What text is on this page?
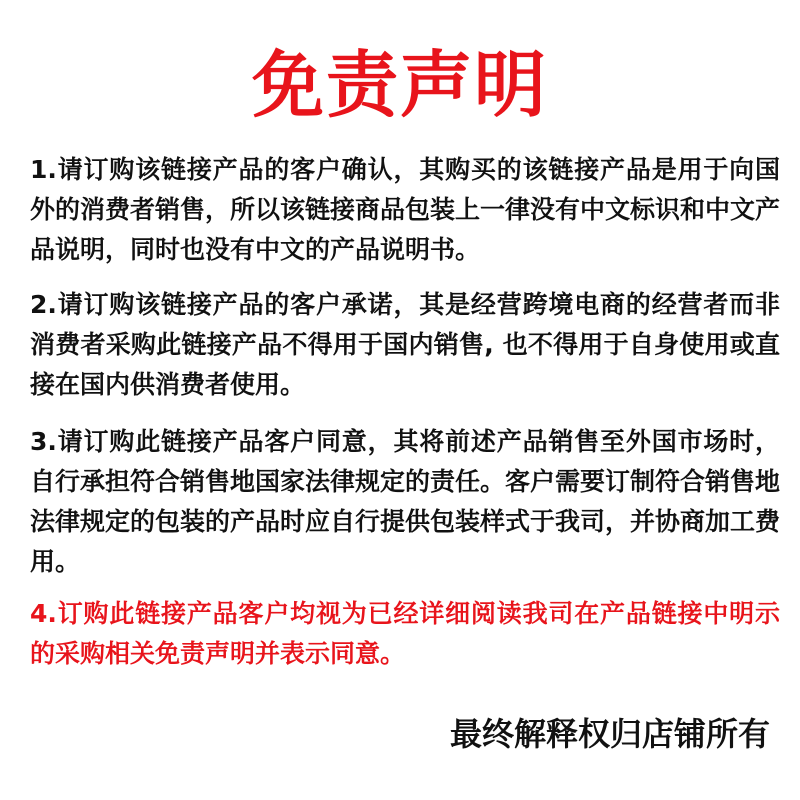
免责声明

1.请订购该链接产品的客户确认，其购买的该链接产品是用于向国外的消费者销售，所以该链接商品包装上一律没有中文标识和中文产品说明，同时也没有中文的产品说明书。

2.请订购该链接产品的客户承诺，其是经营跨境电商的经营者而非消费者采购此链接产品不得用于国内销售, 也不得用于自身使用或直接在国内供消费者使用。

3.请订购此链接产品客户同意，其将前述产品销售至外国市场时，自行承担符合销售地国家法律规定的责任。客户需要订制符合销售地法律规定的包装的产品时应自行提供包装样式于我司，并协商加工费用。

4.订购此链接产品客户均视为已经详细阅读我司在产品链接中明示的采购相关免责声明并表示同意。

最终解释权归店铺所有
